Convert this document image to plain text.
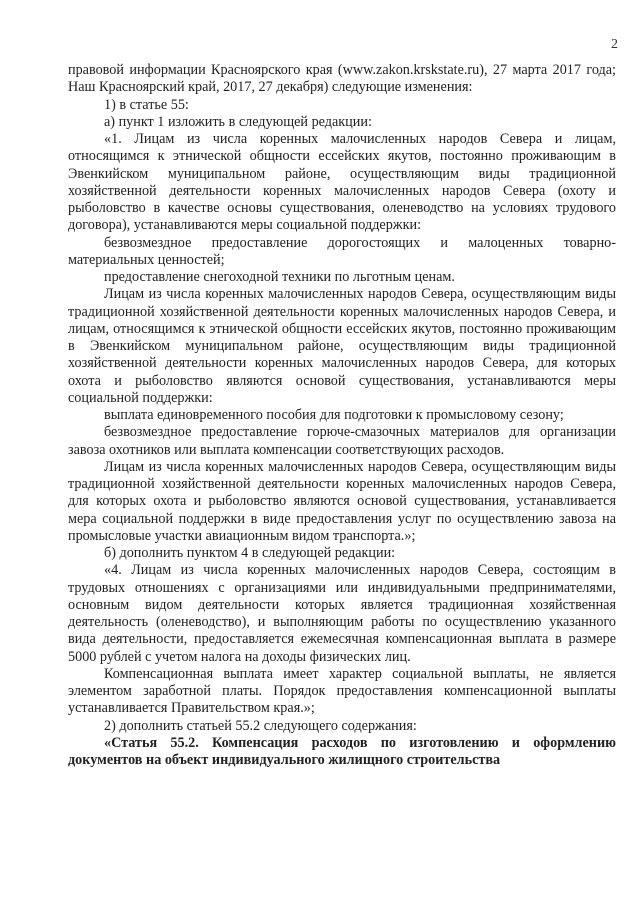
2

правовой информации Красноярского края (www.zakon.krskstate.ru), 27 марта 2017 года; Наш Красноярский край, 2017, 27 декабря) следующие изменения:

1) в статье 55:

а) пункт 1 изложить в следующей редакции:

«1. Лицам из числа коренных малочисленных народов Севера и лицам, относящимся к этнической общности ессейских якутов, постоянно проживающим в Эвенкийском муниципальном районе, осуществляющим виды традиционной хозяйственной деятельности коренных малочисленных народов Севера (охоту и рыболовство в качестве основы существования, оленеводство на условиях трудового договора), устанавливаются меры социальной поддержки:

безвозмездное предоставление дорогостоящих и малоценных товарно-материальных ценностей;

предоставление снегоходной техники по льготным ценам.

Лицам из числа коренных малочисленных народов Севера, осуществляющим виды традиционной хозяйственной деятельности коренных малочисленных народов Севера, и лицам, относящимся к этнической общности ессейских якутов, постоянно проживающим в Эвенкийском муниципальном районе, осуществляющим виды традиционной хозяйственной деятельности коренных малочисленных народов Севера, для которых охота и рыболовство являются основой существования, устанавливаются меры социальной поддержки:

выплата единовременного пособия для подготовки к промысловому сезону;

безвозмездное предоставление горюче-смазочных материалов для организации завоза охотников или выплата компенсации соответствующих расходов.

Лицам из числа коренных малочисленных народов Севера, осуществляющим виды традиционной хозяйственной деятельности коренных малочисленных народов Севера, для которых охота и рыболовство являются основой существования, устанавливается мера социальной поддержки в виде предоставления услуг по осуществлению завоза на промысловые участки авиационным видом транспорта.»;

б) дополнить пунктом 4 в следующей редакции:

«4. Лицам из числа коренных малочисленных народов Севера, состоящим в трудовых отношениях с организациями или индивидуальными предпринимателями, основным видом деятельности которых является традиционная хозяйственная деятельность (оленеводство), и выполняющим работы по осуществлению указанного вида деятельности, предоставляется ежемесячная компенсационная выплата в размере 5000 рублей с учетом налога на доходы физических лиц.

Компенсационная выплата имеет характер социальной выплаты, не является элементом заработной платы. Порядок предоставления компенсационной выплаты устанавливается Правительством края.»;

2) дополнить статьей 55.2 следующего содержания:

«Статья 55.2. Компенсация расходов по изготовлению и оформлению документов на объект индивидуального жилищного строительства
